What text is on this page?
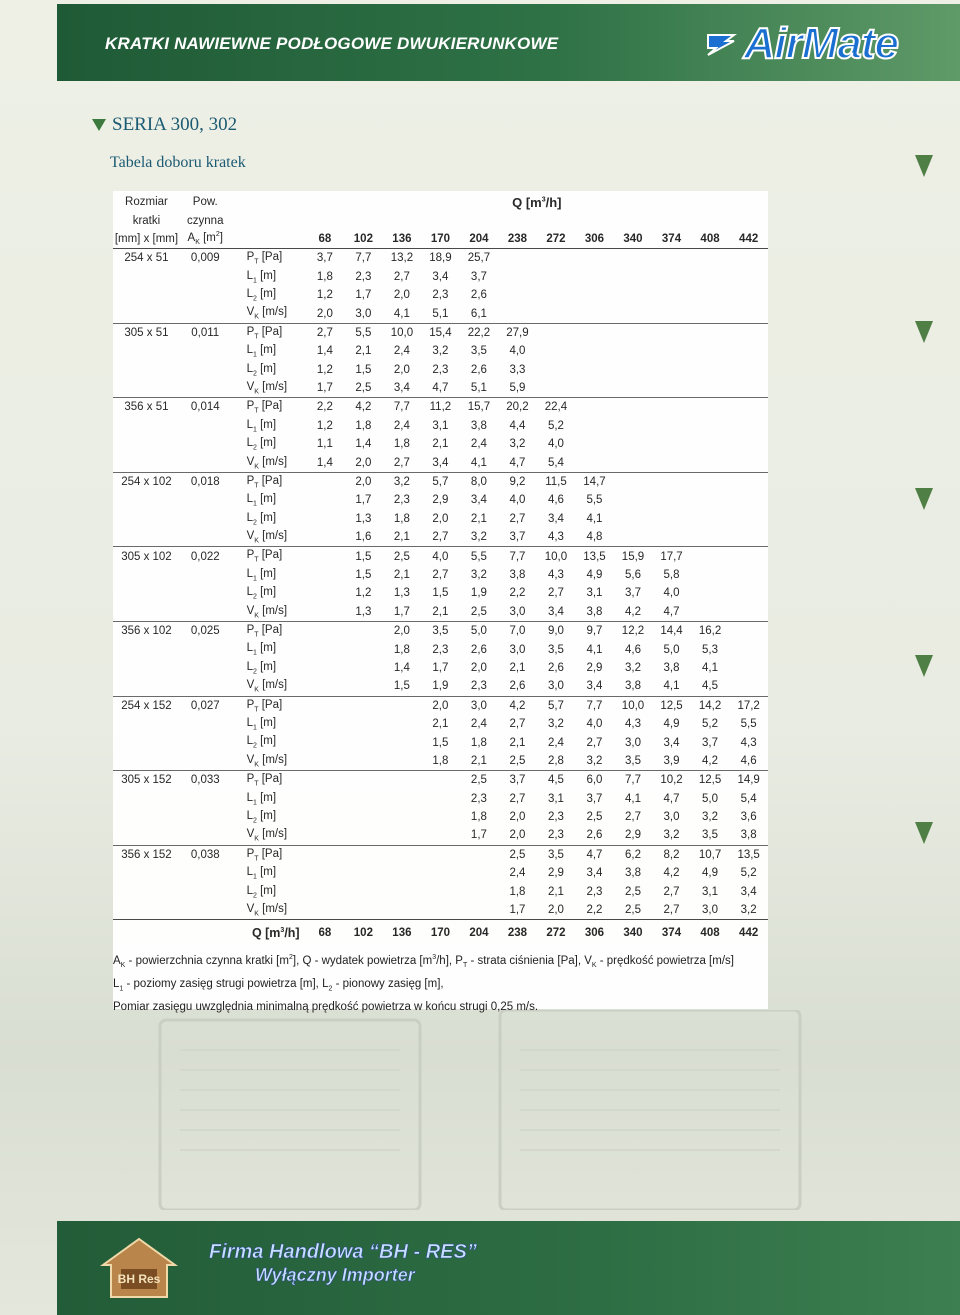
KRATKI NAWIEWNE PODŁOGOWE DWUKIERUNKOWE	AirMate
SERIA 300, 302
Tabela doboru kratek
Rozmiar	Pow.		Q $[m^3/h]$											
kratki	czynna													
[mm] x [mm]	$A_K$ $[m^2]$		68	102	136	170	204	238	272	306	340	374	408	442
254 x 51	0,009	$P_T$ [Pa]	3,7	7,7	13,2	18,9	25,7							
		$L_1$ [m]	1,8	2,3	2,7	3,4	3,7							
		$L_2$ [m]	1,2	1,7	2,0	2,3	2,6							
		$V_K$ [m/s]	2,0	3,0	4,1	5,1	6,1							
305 x 51	0,011	$P_T$ [Pa]	2,7	5,5	10,0	15,4	22,2	27,9						
		$L_1$ [m]	1,4	2,1	2,4	3,2	3,5	4,0						
		$L_2$ [m]	1,2	1,5	2,0	2,3	2,6	3,3						
		$V_K$ [m/s]	1,7	2,5	3,4	4,7	5,1	5,9						
356 x 51	0,014	$P_T$ [Pa]	2,2	4,2	7,7	11,2	15,7	20,2	22,4					
		$L_1$ [m]	1,2	1,8	2,4	3,1	3,8	4,4	5,2					
		$L_2$ [m]	1,1	1,4	1,8	2,1	2,4	3,2	4,0					
		$V_K$ [m/s]	1,4	2,0	2,7	3,4	4,1	4,7	5,4					
254 x 102	0,018	$P_T$ [Pa]		2,0	3,2	5,7	8,0	9,2	11,5	14,7				
		$L_1$ [m]		1,7	2,3	2,9	3,4	4,0	4,6	5,5				
		$L_2$ [m]		1,3	1,8	2,0	2,1	2,7	3,4	4,1				
		$V_K$ [m/s]		1,6	2,1	2,7	3,2	3,7	4,3	4,8				
305 x 102	0,022	$P_T$ [Pa]		1,5	2,5	4,0	5,5	7,7	10,0	13,5	15,9	17,7		
		$L_1$ [m]		1,5	2,1	2,7	3,2	3,8	4,3	4,9	5,6	5,8		
		$L_2$ [m]		1,2	1,3	1,5	1,9	2,2	2,7	3,1	3,7	4,0		
		$V_K$ [m/s]		1,3	1,7	2,1	2,5	3,0	3,4	3,8	4,2	4,7		
356 x 102	0,025	$P_T$ [Pa]			2,0	3,5	5,0	7,0	9,0	9,7	12,2	14,4	16,2	
		$L_1$ [m]			1,8	2,3	2,6	3,0	3,5	4,1	4,6	5,0	5,3	
		$L_2$ [m]			1,4	1,7	2,0	2,1	2,6	2,9	3,2	3,8	4,1	
		$V_K$ [m/s]			1,5	1,9	2,3	2,6	3,0	3,4	3,8	4,1	4,5	
254 x 152	0,027	$P_T$ [Pa]				2,0	3,0	4,2	5,7	7,7	10,0	12,5	14,2	17,2
		$L_1$ [m]				2,1	2,4	2,7	3,2	4,0	4,3	4,9	5,2	5,5
		$L_2$ [m]				1,5	1,8	2,1	2,4	2,7	3,0	3,4	3,7	4,3
		$V_K$ [m/s]				1,8	2,1	2,5	2,8	3,2	3,5	3,9	4,2	4,6
305 x 152	0,033	$P_T$ [Pa]					2,5	3,7	4,5	6,0	7,7	10,2	12,5	14,9
		$L_1$ [m]					2,3	2,7	3,1	3,7	4,1	4,7	5,0	5,4
		$L_2$ [m]					1,8	2,0	2,3	2,5	2,7	3,0	3,2	3,6
		$V_K$ [m/s]					1,7	2,0	2,3	2,6	2,9	3,2	3,5	3,8
356 x 152	0,038	$P_T$ [Pa]						2,5	3,5	4,7	6,2	8,2	10,7	13,5
		$L_1$ [m]						2,4	2,9	3,4	3,8	4,2	4,9	5,2
		$L_2$ [m]						1,8	2,1	2,3	2,5	2,7	3,1	3,4
		$V_K$ [m/s]						1,7	2,0	2,2	2,5	2,7	3,0	3,2
Q $[m^3/h]$			68	102	136	170	204	238	272	306	340	374	408	442
$A_K$ - powierzchnia czynna kratki $[m^2]$, Q - wydatek powietrza $[m^3/h]$, $P_T$ - strata ciśnienia [Pa], $V_K$ - prędkość powietrza [m/s]
$L_1$ - poziomy zasięg strugi powietrza [m], $L_2$ - pionowy zasięg [m],
Pomiar zasięgu uwzględnia minimalną prędkość powietrza w końcu strugi 0,25 m/s.
BH Res
Firma Handlowa “BH - RES”
Wyłączny Importer
